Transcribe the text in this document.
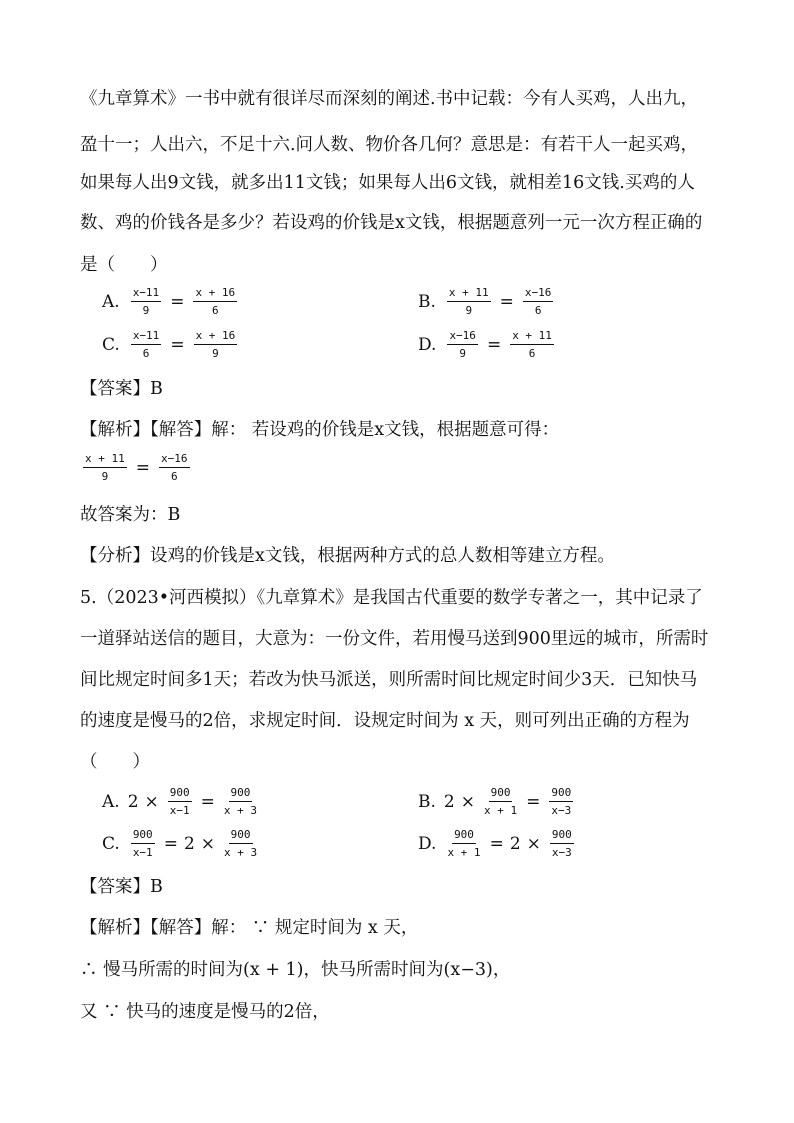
《九章算术》一书中就有很详尽而深刻的阐述.书中记载：今有人买鸡，人出九，
盈十一；人出六，不足十六.问人数、物价各几何？意思是：有若干人一起买鸡，
如果每人出9文钱，就多出11文钱；如果每人出6文钱，就相差16文钱.买鸡的人
数、鸡的价钱各是多少？若设鸡的价钱是x文钱，根据题意列一元一次方程正确的
是（　　）
A. $\frac{x-11}{9} = \frac{x + 16}{6}$	B. $\frac{x + 11}{9} = \frac{x-16}{6}$
C. $\frac{x-11}{6} = \frac{x + 16}{9}$	D. $\frac{x-16}{9} = \frac{x + 11}{6}$
【答案】B
【解析】【解答】解： 若设鸡的价钱是x文钱，根据题意可得：
$\frac{x + 11}{9} = \frac{x-16}{6}$
故答案为：B
【分析】设鸡的价钱是x文钱，根据两种方式的总人数相等建立方程。
5.（2023•河西模拟）《九章算术》是我国古代重要的数学专著之一，其中记录了
一道驿站送信的题目，大意为：一份文件，若用慢马送到900里远的城市，所需时
间比规定时间多1天；若改为快马派送，则所需时间比规定时间少3天．已知快马
的速度是慢马的2倍，求规定时间．设规定时间为 x 天，则可列出正确的方程为
（　　）
A. $2 \times \frac{900}{x-1} = \frac{900}{x + 3}$	B. $2 \times \frac{900}{x + 1} = \frac{900}{x-3}$
C. $\frac{900}{x-1} = 2 \times \frac{900}{x + 3}$	D. $\frac{900}{x + 1} = 2 \times \frac{900}{x-3}$
【答案】B
【解析】【解答】解： ∵ 规定时间为 x 天，
∴ 慢马所需的时间为(x + 1)，快马所需时间为(x−3)，
又 ∵ 快马的速度是慢马的2倍，
